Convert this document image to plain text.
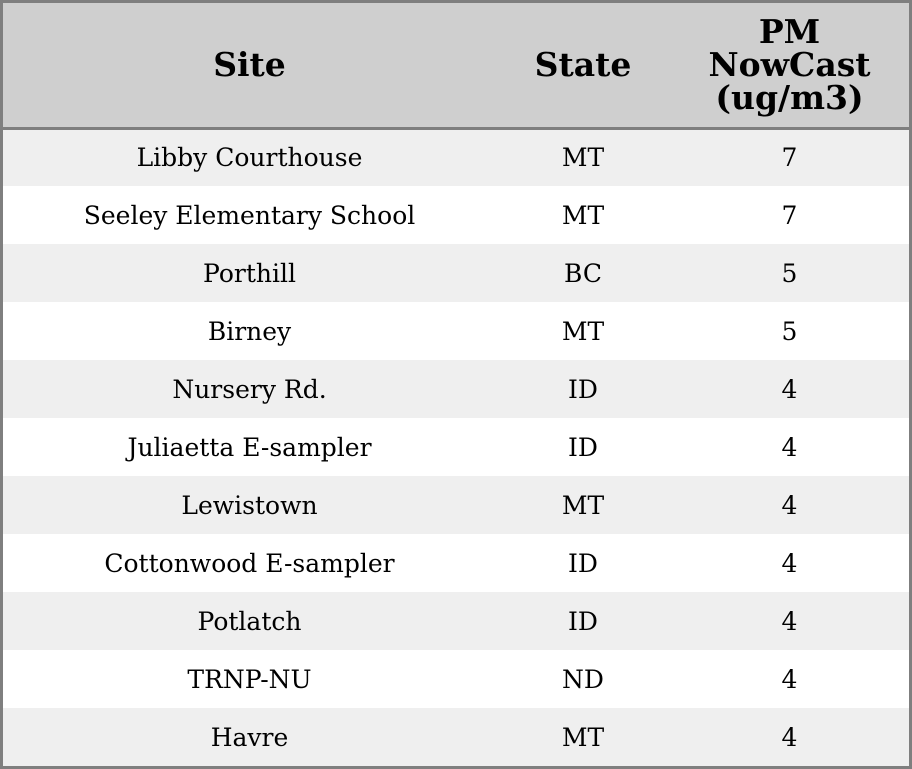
Site	State	PM
NowCast
(ug/m3)

Libby Courthouse	MT	7
Seeley Elementary School	MT	7
Porthill	BC	5
Birney	MT	5
Nursery Rd.	ID	4
Juliaetta E-sampler	ID	4
Lewistown	MT	4
Cottonwood E-sampler	ID	4
Potlatch	ID	4
TRNP-NU	ND	4
Havre	MT	4
